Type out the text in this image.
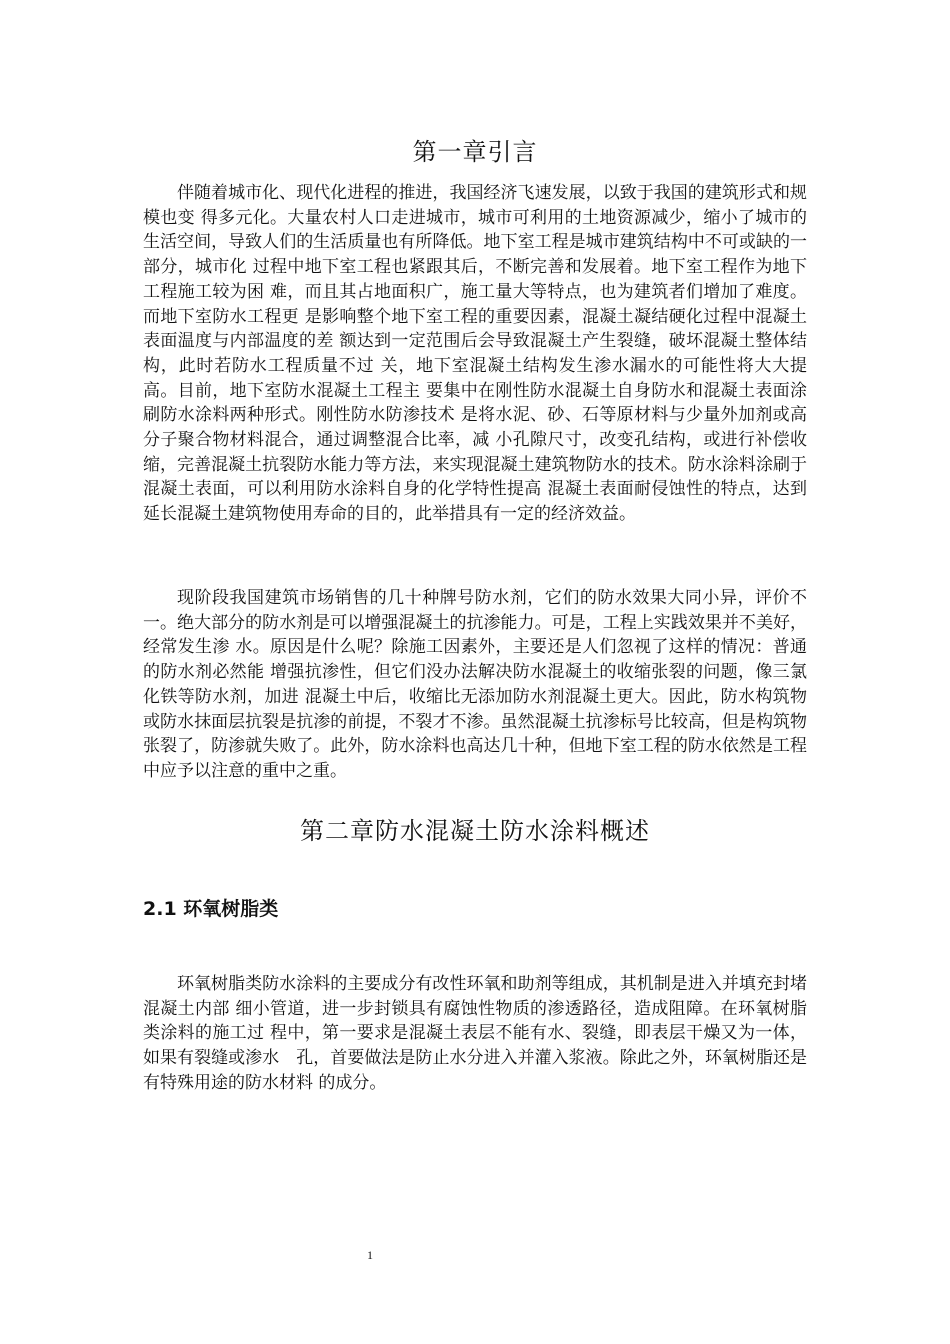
第一章引言

伴随着城市化、现代化进程的推进，我国经济飞速发展，以致于我国的建筑形式和规模也变 得多元化。大量农村人口走进城市，城市可利用的土地资源减少，缩小了城市的生活空间，导致人们的生活质量也有所降低。地下室工程是城市建筑结构中不可或缺的一部分，城市化 过程中地下室工程也紧跟其后，不断完善和发展着。地下室工程作为地下工程施工较为困 难，而且其占地面积广，施工量大等特点，也为建筑者们增加了难度。而地下室防水工程更 是影响整个地下室工程的重要因素，混凝土凝结硬化过程中混凝土表面温度与内部温度的差 额达到一定范围后会导致混凝土产生裂缝，破坏混凝土整体结构，此时若防水工程质量不过 关，地下室混凝土结构发生渗水漏水的可能性将大大提高。目前，地下室防水混凝土工程主 要集中在刚性防水混凝土自身防水和混凝土表面涂刷防水涂料两种形式。刚性防水防渗技术 是将水泥、砂、石等原材料与少量外加剂或高分子聚合物材料混合，通过调整混合比率，减 小孔隙尺寸，改变孔结构，或进行补偿收缩，完善混凝土抗裂防水能力等方法，来实现混凝土建筑物防水的技术。防水涂料涂刷于混凝土表面，可以利用防水涂料自身的化学特性提高 混凝土表面耐侵蚀性的特点，达到延长混凝土建筑物使用寿命的目的，此举措具有一定的经济效益。

现阶段我国建筑市场销售的几十种牌号防水剂，它们的防水效果大同小异，评价不一。绝大部分的防水剂是可以增强混凝土的抗渗能力。可是，工程上实践效果并不美好，经常发生渗 水。原因是什么呢？除施工因素外，主要还是人们忽视了这样的情况：普通的防水剂必然能 增强抗渗性，但它们没办法解决防水混凝土的收缩张裂的问题，像三氯化铁等防水剂，加进 混凝土中后，收缩比无添加防水剂混凝土更大。因此，防水构筑物或防水抹面层抗裂是抗渗的前提，不裂才不渗。虽然混凝土抗渗标号比较高，但是构筑物张裂了，防渗就失败了。此外，防水涂料也高达几十种，但地下室工程的防水依然是工程中应予以注意的重中之重。

第二章防水混凝土防水涂料概述
2.1 环氧树脂类

环氧树脂类防水涂料的主要成分有改性环氧和助剂等组成，其机制是进入并填充封堵混凝土内部 细小管道，进一步封锁具有腐蚀性物质的渗透路径，造成阻障。在环氧树脂类涂料的施工过 程中，第一要求是混凝土表层不能有水、裂缝，即表层干燥又为一体，如果有裂缝或渗水　孔，首要做法是防止水分进入并灌入浆液。除此之外，环氧树脂还是有特殊用途的防水材料 的成分。

1
